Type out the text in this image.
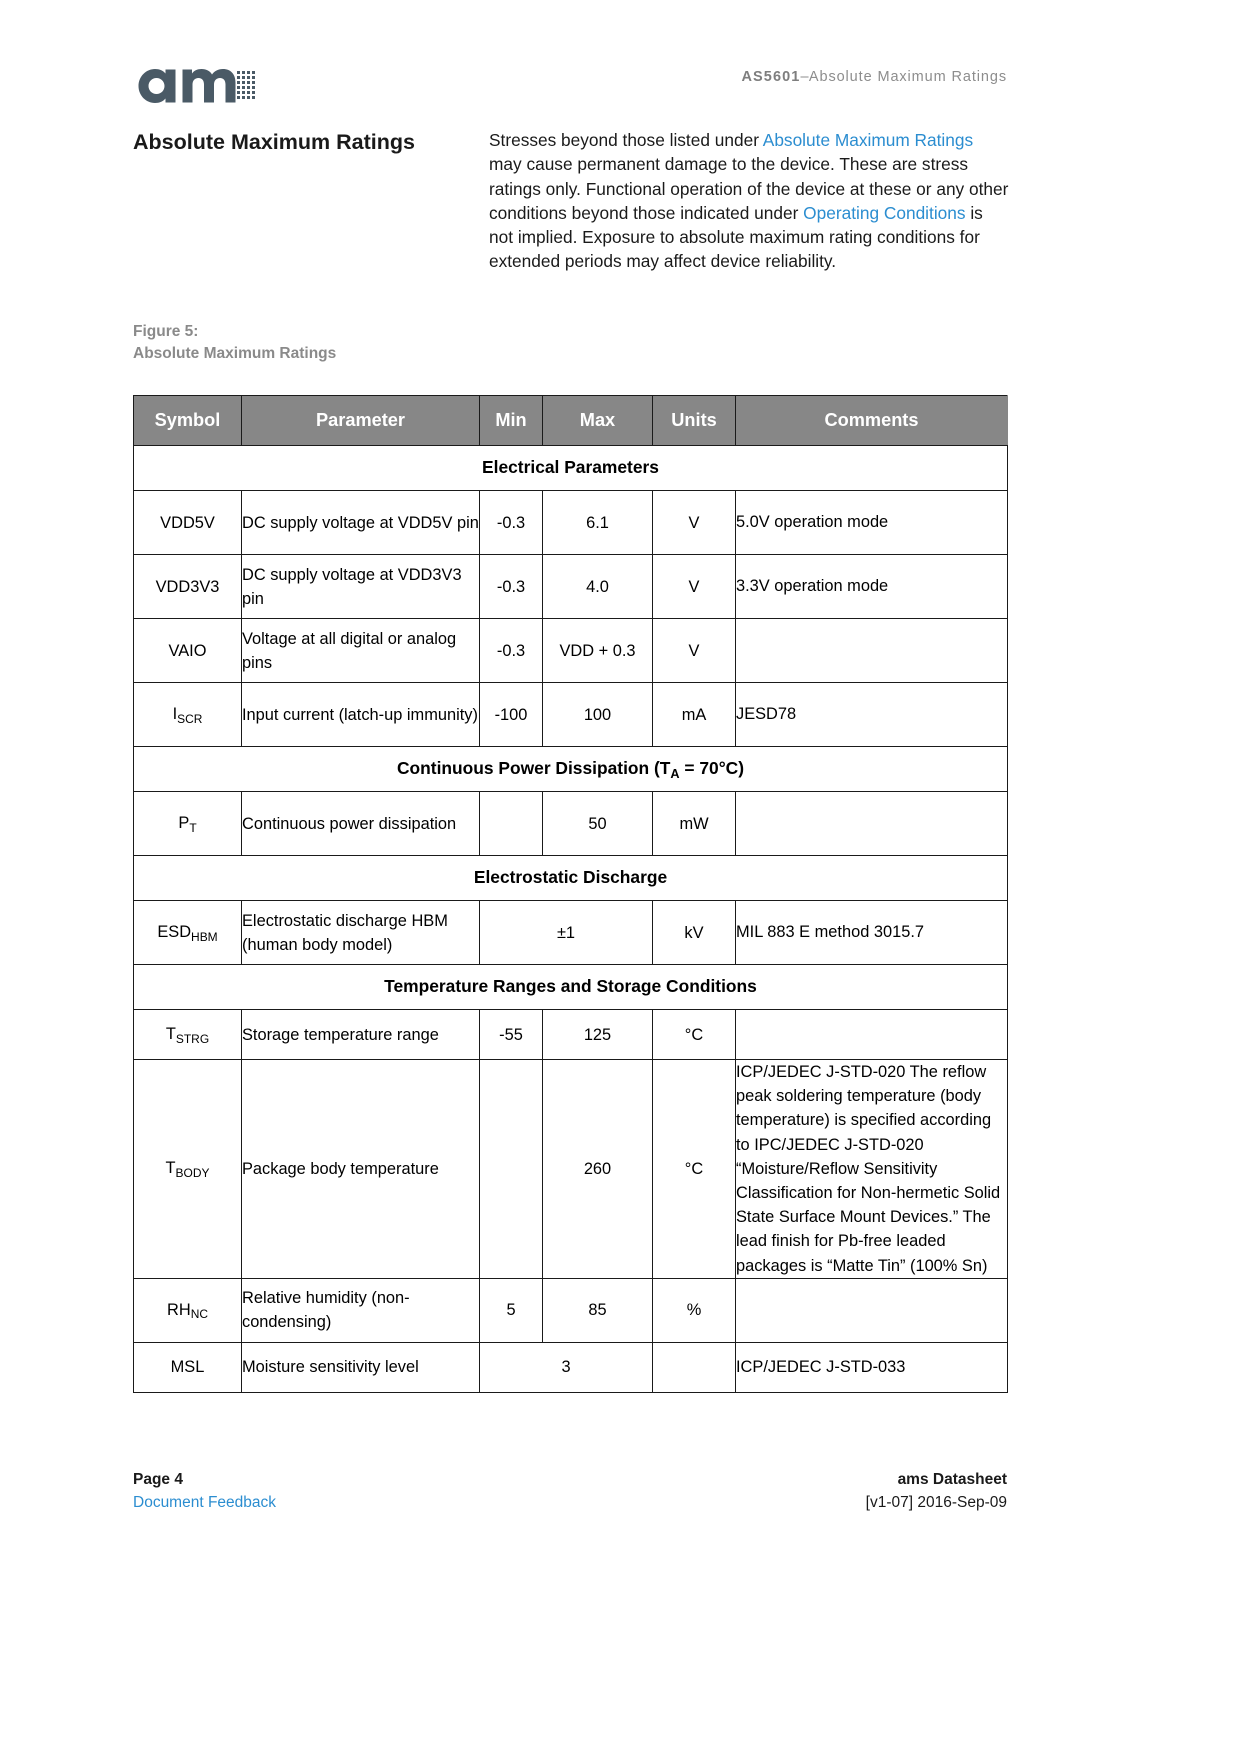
AS5601–Absolute Maximum Ratings
Absolute Maximum Ratings	Stresses beyond those listed under Absolute Maximum Ratings may cause permanent damage to the device. These are stress ratings only. Functional operation of the device at these or any other conditions beyond those indicated under Operating Conditions is not implied. Exposure to absolute maximum rating conditions for extended periods may affect device reliability.
Figure 5:
Absolute Maximum Ratings
Symbol	Parameter	Min	Max	Units	Comments
Electrical Parameters					
VDD5V	DC supply voltage at VDD5V pin	-0.3	6.1	V	5.0V operation mode
VDD3V3	DC supply voltage at VDD3V3 pin	-0.3	4.0	V	3.3V operation mode
VAIO	Voltage at all digital or analog pins	-0.3	VDD + 0.3	V	
$I_{SCR}$	Input current (latch-up immunity)	-100	100	mA	JESD78
Continuous Power Dissipation $(T_A = 70^\circ C)$					
$P_T$	Continuous power dissipation		50	mW	
Electrostatic Discharge					
$ESD_{HBM}$	Electrostatic discharge HBM (human body model)	±1		kV	MIL 883 E method 3015.7
Temperature Ranges and Storage Conditions					
$T_{STRG}$	Storage temperature range	-55	125	°C	
$T_{BODY}$	Package body temperature		260	°C	ICP/JEDEC J-STD-020 The reflow peak soldering temperature (body temperature) is specified according to IPC/JEDEC J-STD-020 “Moisture/Reflow Sensitivity Classification for Non-hermetic Solid State Surface Mount Devices.” The lead finish for Pb-free leaded packages is “Matte Tin” (100% Sn)
$RH_{NC}$	Relative humidity (non-condensing)	5	85	%	
MSL	Moisture sensitivity level	3			ICP/JEDEC J-STD-033
Page 4
Document Feedback
ams Datasheet
[v1-07] 2016-Sep-09
